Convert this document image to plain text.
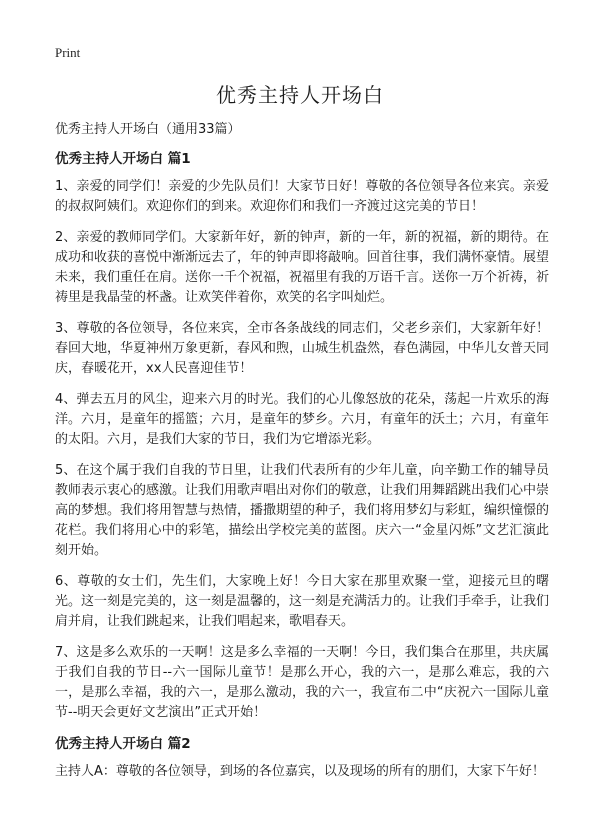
Print
优秀主持人开场白

优秀主持人开场白（通用33篇）

优秀主持人开场白 篇1

1、亲爱的同学们！亲爱的少先队员们！大家节日好！尊敬的各位领导各位来宾。亲爱的叔叔阿姨们。欢迎你们的到来。欢迎你们和我们一齐渡过这完美的节日！

2、亲爱的教师同学们。大家新年好，新的钟声，新的一年，新的祝福，新的期待。在成功和收获的喜悦中渐渐远去了，年的钟声即将敲响。回首往事，我们满怀豪情。展望未来，我们重任在肩。送你一千个祝福，祝福里有我的万语千言。送你一万个祈祷，祈祷里是我晶莹的杯盏。让欢笑伴着你，欢笑的名字叫灿烂。

3、尊敬的各位领导，各位来宾，全市各条战线的同志们，父老乡亲们，大家新年好！春回大地，华夏神州万象更新，春风和煦，山城生机盎然，春色满园，中华儿女普天同庆，春暖花开，xx人民喜迎佳节！

4、弹去五月的风尘，迎来六月的时光。我们的心儿像怒放的花朵，荡起一片欢乐的海洋。六月，是童年的摇篮；六月，是童年的梦乡。六月，有童年的沃土；六月，有童年的太阳。六月，是我们大家的节日，我们为它增添光彩。

5、在这个属于我们自我的节日里，让我们代表所有的少年儿童，向辛勤工作的辅导员教师表示衷心的感激。让我们用歌声唱出对你们的敬意，让我们用舞蹈跳出我们心中崇高的梦想。我们将用智慧与热情，播撒期望的种子，我们将用梦幻与彩虹，编织憧憬的花栏。我们将用心中的彩笔，描绘出学校完美的蓝图。庆六一“金星闪烁”文艺汇演此刻开始。

6、尊敬的女士们，先生们，大家晚上好！今日大家在那里欢聚一堂，迎接元旦的曙光。这一刻是完美的，这一刻是温馨的，这一刻是充满活力的。让我们手牵手，让我们肩并肩，让我们跳起来，让我们唱起来，歌唱春天。

7、这是多么欢乐的一天啊！这是多么幸福的一天啊！今日，我们集合在那里，共庆属于我们自我的节日--六一国际儿童节！是那么开心，我的六一，是那么难忘，我的六一，是那么幸福，我的六一，是那么激动，我的六一，我宣布二中“庆祝六一国际儿童节--明天会更好文艺演出”正式开始！

优秀主持人开场白 篇2

主持人A：尊敬的各位领导，到场的各位嘉宾，以及现场的所有的朋们，大家下午好！
